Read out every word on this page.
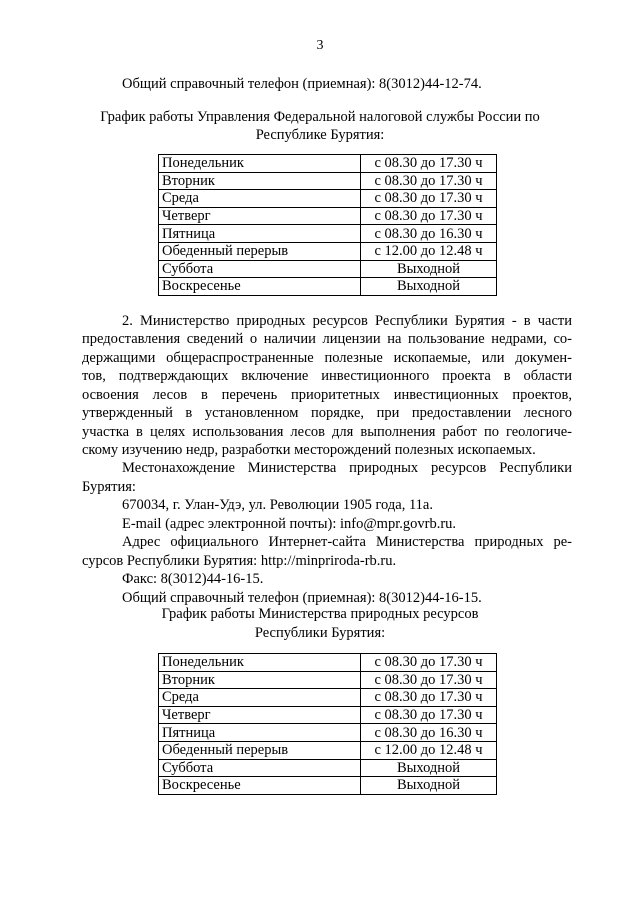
3
Общий справочный телефон (приемная): 8(3012)44-12-74.
График работы Управления Федеральной налоговой службы России по
Республике Бурятия:
Понедельник	с 08.30 до 17.30 ч
Вторник	с 08.30 до 17.30 ч
Среда	с 08.30 до 17.30 ч
Четверг	с 08.30 до 17.30 ч
Пятница	с 08.30 до 16.30 ч
Обеденный перерыв	с 12.00 до 12.48 ч
Суббота	Выходной
Воскресенье	Выходной
2. Министерство природных ресурсов Республики Бурятия - в части
предоставления сведений о наличии лицензии на пользование недрами, со-
держащими общераспространенные полезные ископаемые, или докумен-
тов, подтверждающих включение инвестиционного проекта в области
освоения лесов в перечень приоритетных инвестиционных проектов,
утвержденный в установленном порядке, при предоставлении лесного
участка в целях использования лесов для выполнения работ по геологиче-
скому изучению недр, разработки месторождений полезных ископаемых.
Местонахождение Министерства природных ресурсов Республики
Бурятия:
670034, г. Улан-Удэ, ул. Революции 1905 года, 11а.
E-mail (адрес электронной почты): info@mpr.govrb.ru.
Адрес официального Интернет-сайта Министерства природных ре-
сурсов Республики Бурятия: http://minpriroda-rb.ru.
Факс: 8(3012)44-16-15.
Общий справочный телефон (приемная): 8(3012)44-16-15.
График работы Министерства природных ресурсов
Республики Бурятия:
Понедельник	с 08.30 до 17.30 ч
Вторник	с 08.30 до 17.30 ч
Среда	с 08.30 до 17.30 ч
Четверг	с 08.30 до 17.30 ч
Пятница	с 08.30 до 16.30 ч
Обеденный перерыв	с 12.00 до 12.48 ч
Суббота	Выходной
Воскресенье	Выходной
